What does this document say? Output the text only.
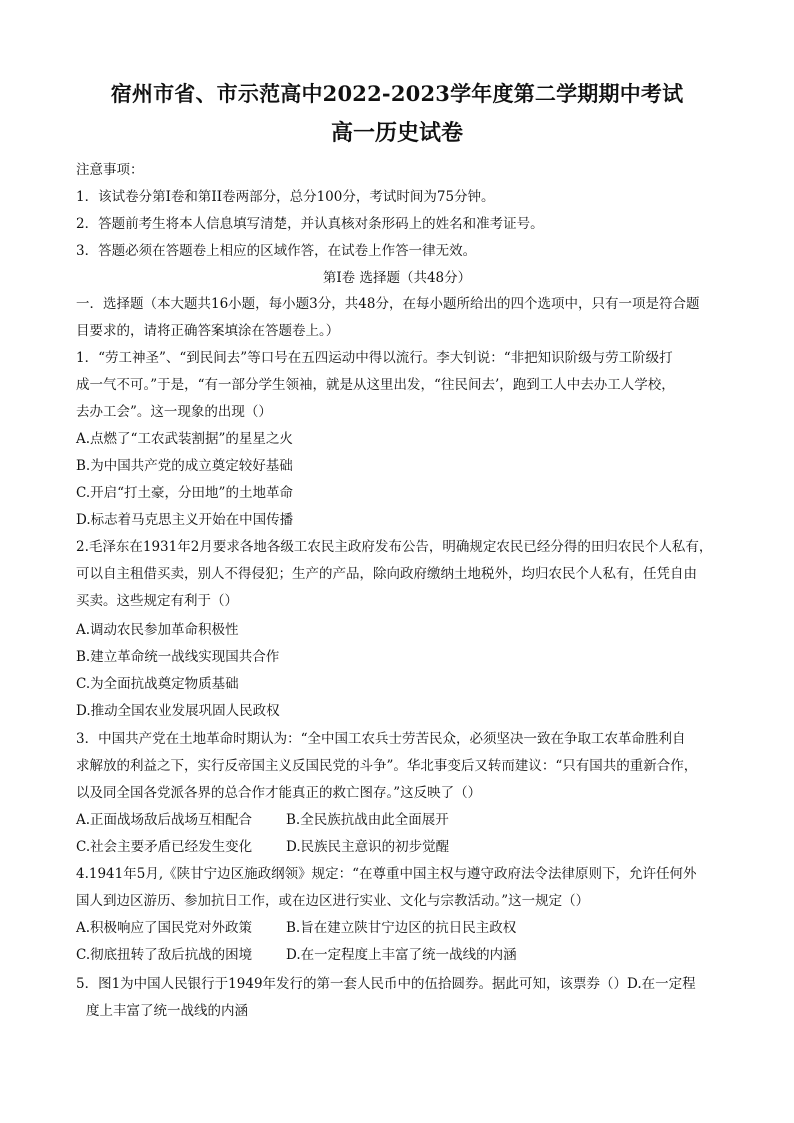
宿州市省、市示范高中2022-2023学年度第二学期期中考试
高一历史试卷
注意事项：
1．该试卷分第I卷和第II卷两部分，总分100分，考试时间为75分钟。
2．答题前考生将本人信息填写清楚，并认真核对条形码上的姓名和准考证号。
3．答题必须在答题卷上相应的区域作答，在试卷上作答一律无效。
第I卷 选择题（共48分）
一．选择题（本大题共16小题，每小题3分，共48分，在每小题所给出的四个选项中，只有一项是符合题
目要求的，请将正确答案填涂在答题卷上。）
1．“劳工神圣”、“到民间去”等口号在五四运动中得以流行。李大钊说：“非把知识阶级与劳工阶级打
成一气不可。”于是，“有一部分学生领袖，就是从这里出发，“往民间去’，跑到工人中去办工人学校，
去办工会”。这一现象的出现（）
A.点燃了“工农武装割据”的星星之火
B.为中国共产党的成立奠定较好基础
C.开启“打土豪，分田地”的土地革命
D.标志着马克思主义开始在中国传播
2.毛泽东在1931年2月要求各地各级工农民主政府发布公告，明确规定农民已经分得的田归农民个人私有，
可以自主租借买卖，别人不得侵犯；生产的产品，除向政府缴纳土地税外，均归农民个人私有，任凭自由
买卖。这些规定有利于（）
A.调动农民参加革命积极性
B.建立革命统一战线实现国共合作
C.为全面抗战奠定物质基础
D.推动全国农业发展巩固人民政权
3．中国共产党在土地革命时期认为：“全中国工农兵士劳苦民众，必须坚决一致在争取工农革命胜利自
求解放的利益之下，实行反帝国主义反国民党的斗争”。华北事变后又转而建议：“只有国共的重新合作，
以及同全国各党派各界的总合作才能真正的救亡图存。”这反映了（）
A.正面战场敌后战场互相配合	B.全民族抗战由此全面展开
C.社会主要矛盾已经发生变化	D.民族民主意识的初步觉醒
4.1941年5月,《陕甘宁边区施政纲领》规定：“在尊重中国主权与遵守政府法令法律原则下，允许任何外
国人到边区游历、参加抗日工作，或在边区进行实业、文化与宗教活动。”这一规定（）
A.积极响应了国民党对外政策	B.旨在建立陕甘宁边区的抗日民主政权
C.彻底扭转了敌后抗战的困境	D.在一定程度上丰富了统一战线的内涵
5．图1为中国人民银行于1949年发行的第一套人民币中的伍拾圆券。据此可知，该票券（）D.在一定程
度上丰富了统一战线的内涵
